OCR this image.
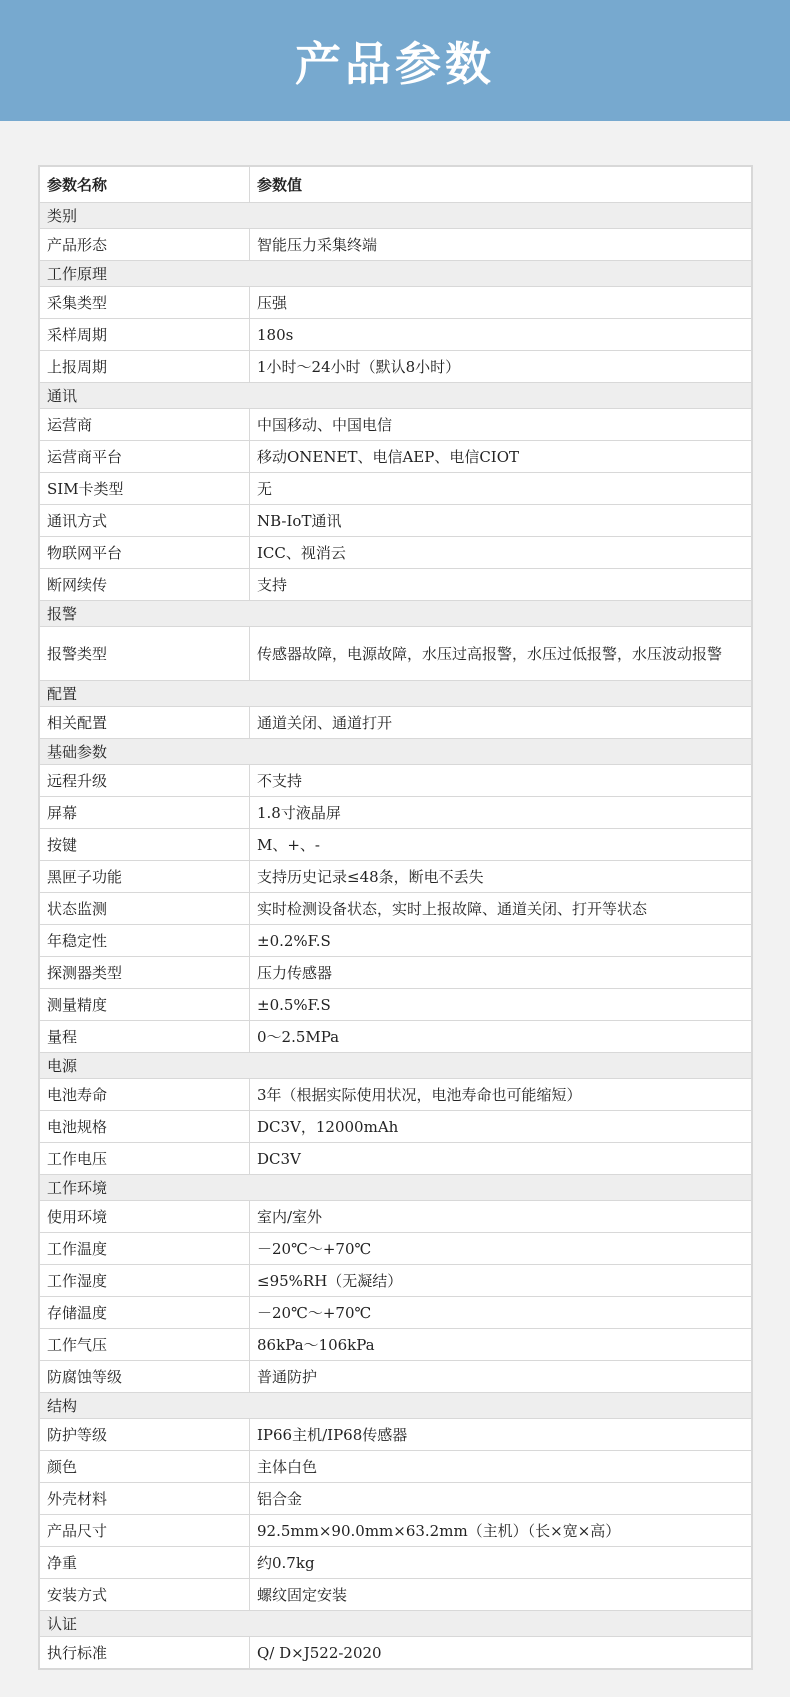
产品参数
参数名称	参数值
类别	
产品形态	智能压力采集终端
工作原理	
采集类型	压强
采样周期	180s
上报周期	1小时～24小时（默认8小时）
通讯	
运营商	中国移动、中国电信
运营商平台	移动ONENET、电信AEP、电信CIOT
SIM卡类型	无
通讯方式	NB-IoT通讯
物联网平台	ICC、视消云
断网续传	支持
报警	
报警类型	传感器故障，电源故障，水压过高报警，水压过低报警，水压波动报警
配置	
相关配置	通道关闭、通道打开
基础参数	
远程升级	不支持
屏幕	1.8寸液晶屏
按键	M、+、-
黑匣子功能	支持历史记录≤48条，断电不丢失
状态监测	实时检测设备状态，实时上报故障、通道关闭、打开等状态
年稳定性	±0.2%F.S
探测器类型	压力传感器
测量精度	±0.5%F.S
量程	0～2.5MPa
电源	
电池寿命	3年（根据实际使用状况，电池寿命也可能缩短）
电池规格	DC3V，12000mAh
工作电压	DC3V
工作环境	
使用环境	室内/室外
工作温度	－20℃～+70℃
工作湿度	≤95%RH（无凝结）
存储温度	－20℃～+70℃
工作气压	86kPa～106kPa
防腐蚀等级	普通防护
结构	
防护等级	IP66主机/IP68传感器
颜色	主体白色
外壳材料	铝合金
产品尺寸	92.5mm×90.0mm×63.2mm（主机）（长×宽×高）
净重	约0.7kg
安装方式	螺纹固定安装
认证	
执行标准	Q/ D×J522-2020
